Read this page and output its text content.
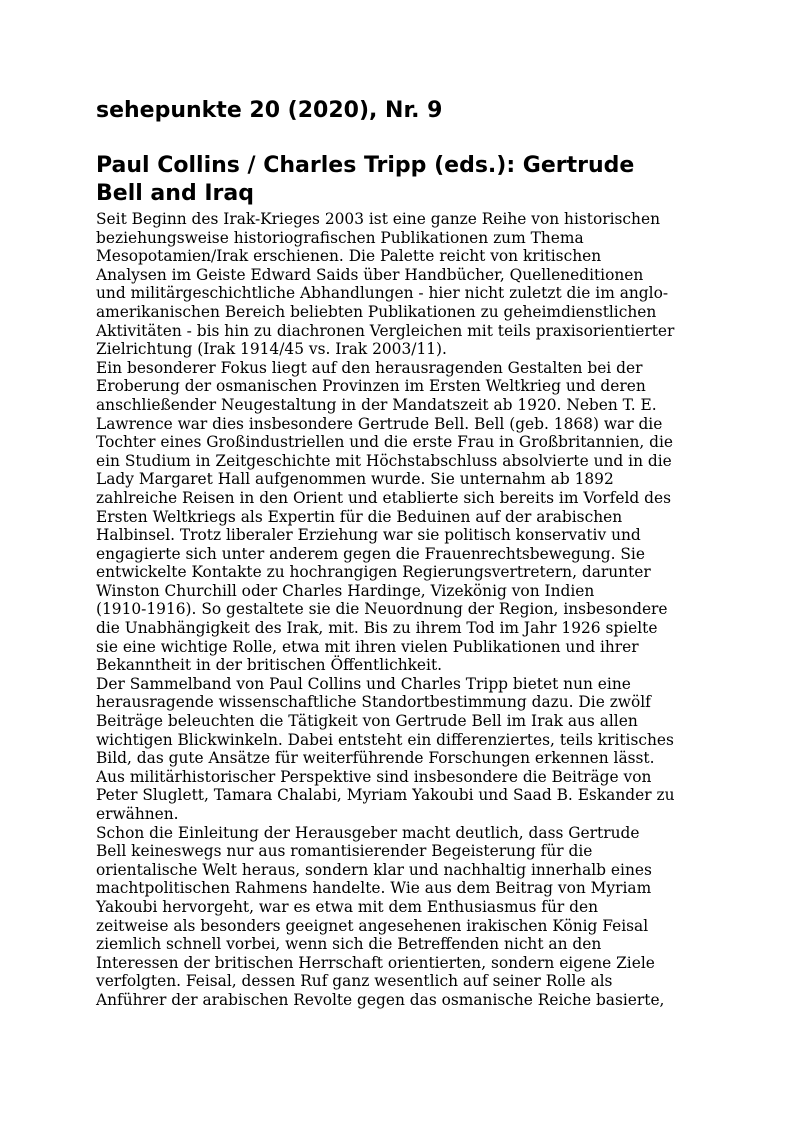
sehepunkte 20 (2020), Nr. 9
Paul Collins / Charles Tripp (eds.): Gertrude Bell and Iraq

Seit Beginn des Irak-Krieges 2003 ist eine ganze Reihe von historischen
beziehungsweise historiografischen Publikationen zum Thema
Mesopotamien/Irak erschienen. Die Palette reicht von kritischen
Analysen im Geiste Edward Saids über Handbücher, Quelleneditionen
und militärgeschichtliche Abhandlungen - hier nicht zuletzt die im anglo-
amerikanischen Bereich beliebten Publikationen zu geheimdienstlichen
Aktivitäten - bis hin zu diachronen Vergleichen mit teils praxisorientierter
Zielrichtung (Irak 1914/45 vs. Irak 2003/11).

Ein besonderer Fokus liegt auf den herausragenden Gestalten bei der
Eroberung der osmanischen Provinzen im Ersten Weltkrieg und deren
anschließender Neugestaltung in der Mandatszeit ab 1920. Neben T. E.
Lawrence war dies insbesondere Gertrude Bell. Bell (geb. 1868) war die
Tochter eines Großindustriellen und die erste Frau in Großbritannien, die
ein Studium in Zeitgeschichte mit Höchstabschluss absolvierte und in die
Lady Margaret Hall aufgenommen wurde. Sie unternahm ab 1892
zahlreiche Reisen in den Orient und etablierte sich bereits im Vorfeld des
Ersten Weltkriegs als Expertin für die Beduinen auf der arabischen
Halbinsel. Trotz liberaler Erziehung war sie politisch konservativ und
engagierte sich unter anderem gegen die Frauenrechtsbewegung. Sie
entwickelte Kontakte zu hochrangigen Regierungsvertretern, darunter
Winston Churchill oder Charles Hardinge, Vizekönig von Indien
(1910-1916). So gestaltete sie die Neuordnung der Region, insbesondere
die Unabhängigkeit des Irak, mit. Bis zu ihrem Tod im Jahr 1926 spielte
sie eine wichtige Rolle, etwa mit ihren vielen Publikationen und ihrer
Bekanntheit in der britischen Öffentlichkeit.

Der Sammelband von Paul Collins und Charles Tripp bietet nun eine
herausragende wissenschaftliche Standortbestimmung dazu. Die zwölf
Beiträge beleuchten die Tätigkeit von Gertrude Bell im Irak aus allen
wichtigen Blickwinkeln. Dabei entsteht ein differenziertes, teils kritisches
Bild, das gute Ansätze für weiterführende Forschungen erkennen lässt.
Aus militärhistorischer Perspektive sind insbesondere die Beiträge von
Peter Sluglett, Tamara Chalabi, Myriam Yakoubi und Saad B. Eskander zu
erwähnen.

Schon die Einleitung der Herausgeber macht deutlich, dass Gertrude
Bell keineswegs nur aus romantisierender Begeisterung für die
orientalische Welt heraus, sondern klar und nachhaltig innerhalb eines
machtpolitischen Rahmens handelte. Wie aus dem Beitrag von Myriam
Yakoubi hervorgeht, war es etwa mit dem Enthusiasmus für den
zeitweise als besonders geeignet angesehenen irakischen König Feisal
ziemlich schnell vorbei, wenn sich die Betreffenden nicht an den
Interessen der britischen Herrschaft orientierten, sondern eigene Ziele
verfolgten. Feisal, dessen Ruf ganz wesentlich auf seiner Rolle als
Anführer der arabischen Revolte gegen das osmanische Reiche basierte,
